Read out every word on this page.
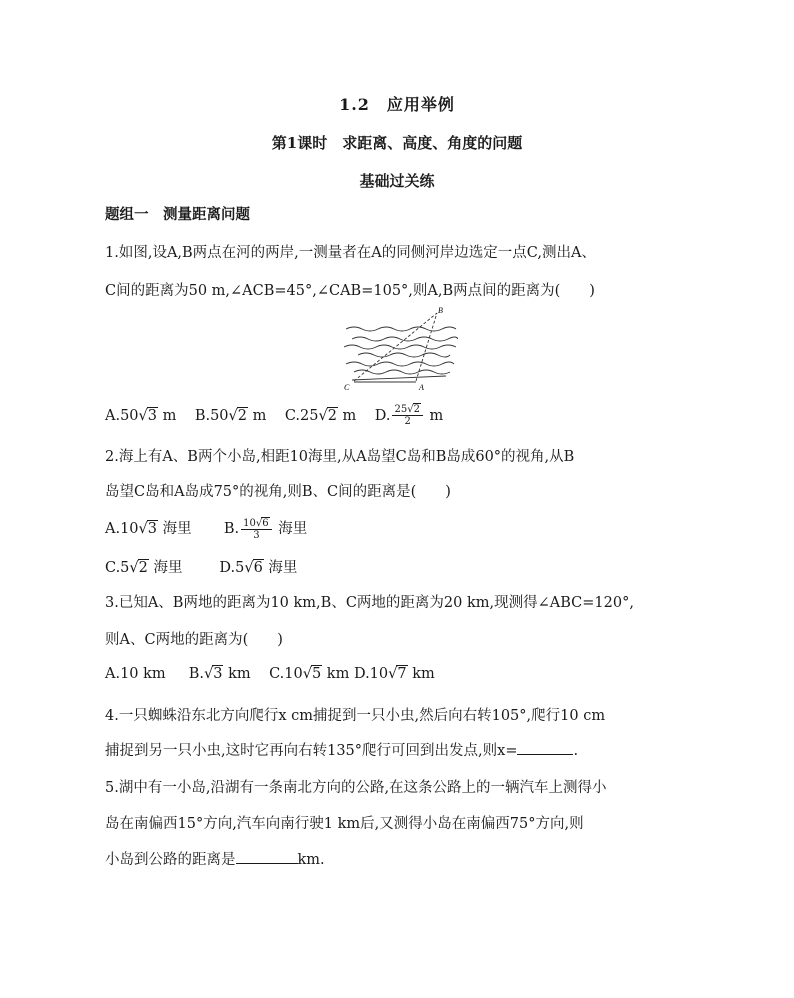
1.2　应用举例
第1课时　求距离、高度、角度的问题
基础过关练
题组一　测量距离问题
1.如图,设A,B两点在河的两岸,一测量者在A的同侧河岸边选定一点C,测出A、
C间的距离为50 m,∠ACB=45°,∠CAB=105°,则A,B两点间的距离为(　　)
B
C	A
A.50√3 m B.50√2 m C.25√2 m D. $\frac{25√2}{2}$ m
2.海上有A、B两个小岛,相距10海里,从A岛望C岛和B岛成60°的视角,从B
岛望C岛和A岛成75°的视角,则B、C间的距离是(　　)
A.10√3 海里 B. $\frac{10√6}{3}$ 海里
C.5√2 海里	D.5√6 海里
3.已知A、B两地的距离为10 km,B、C两地的距离为20 km,现测得∠ABC=120°,
则A、C两地的距离为(　　)
A.10 km B.√3 km C.10√5 km D.10√7 km
4.一只蜘蛛沿东北方向爬行x cm捕捉到一只小虫,然后向右转105°,爬行10 cm
捕捉到另一只小虫,这时它再向右转135°爬行可回到出发点,则x=	.
5.湖中有一小岛,沿湖有一条南北方向的公路,在这条公路上的一辆汽车上测得小
岛在南偏西15°方向,汽车向南行驶1 km后,又测得小岛在南偏西75°方向,则
小岛到公路的距离是	km.
